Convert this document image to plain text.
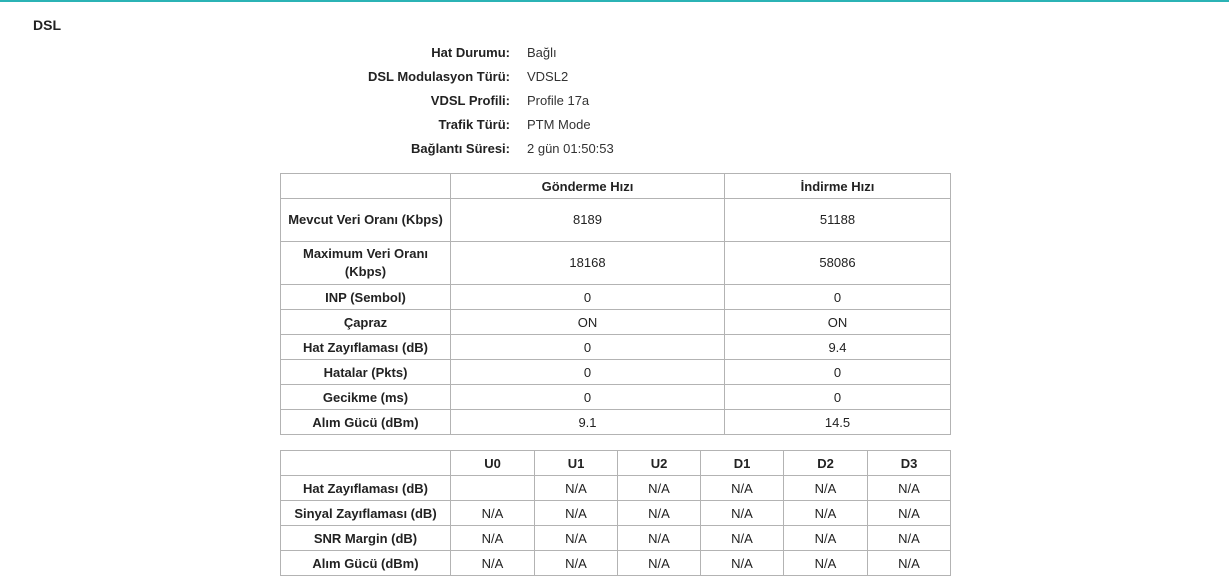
DSL
Hat Durumu: Bağlı
DSL Modulasyon Türü: VDSL2
VDSL Profili: Profile 17a
Trafik Türü: PTM Mode
Bağlantı Süresi: 2 gün 01:50:53
	Gönderme Hızı	İndirme Hızı
Mevcut Veri Oranı (Kbps)	8189	51188
Maximum Veri Oranı (Kbps)	18168	58086
INP (Sembol)	0	0
Çapraz	ON	ON
Hat Zayıflaması (dB)	0	9.4
Hatalar (Pkts)	0	0
Gecikme (ms)	0	0
Alım Gücü (dBm)	9.1	14.5
	U0	U1	U2	D1	D2	D3
Hat Zayıflaması (dB)		N/A	N/A	N/A	N/A	N/A
Sinyal Zayıflaması (dB)	N/A	N/A	N/A	N/A	N/A	N/A
SNR Margin (dB)	N/A	N/A	N/A	N/A	N/A	N/A
Alım Gücü (dBm)	N/A	N/A	N/A	N/A	N/A	N/A
